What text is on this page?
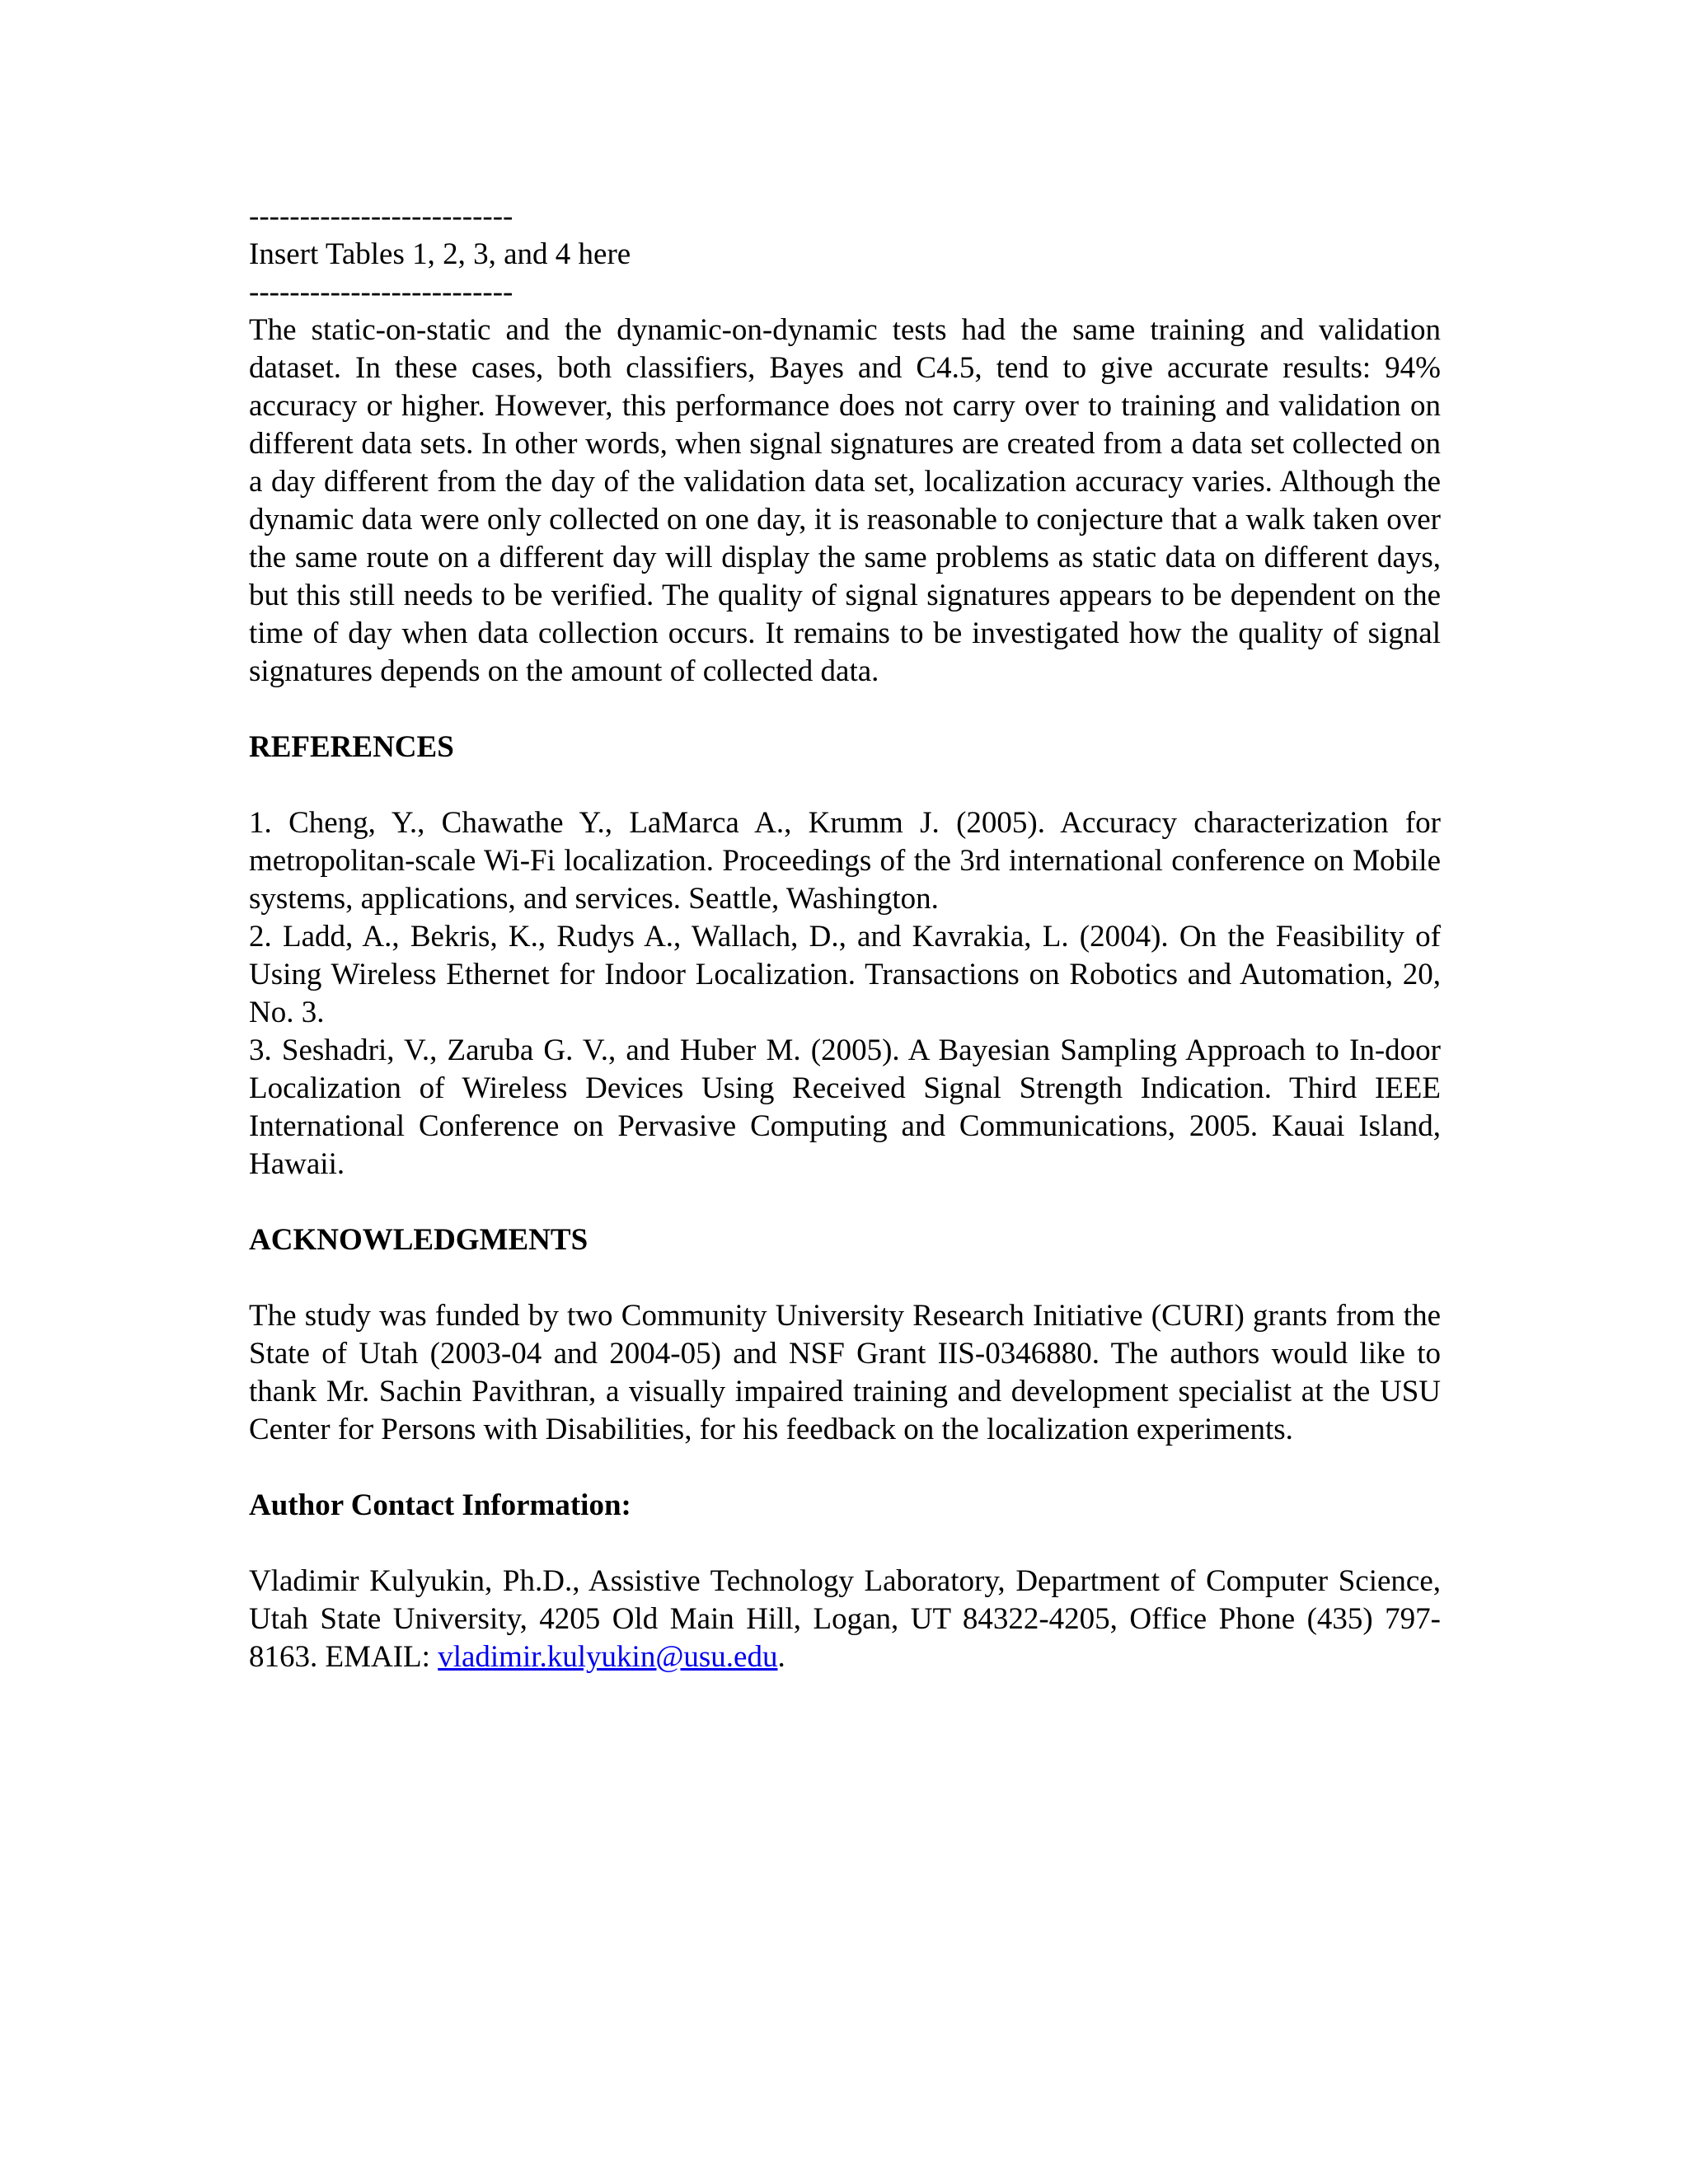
--------------------------
Insert Tables 1, 2, 3, and 4 here
--------------------------

The static-on-static and the dynamic-on-dynamic tests had the same training and validation dataset. In these cases, both classifiers, Bayes and C4.5, tend to give accurate results: 94% accuracy or higher. However, this performance does not carry over to training and validation on different data sets. In other words, when signal signatures are created from a data set collected on a day different from the day of the validation data set, localization accuracy varies. Although the dynamic data were only collected on one day, it is reasonable to conjecture that a walk taken over the same route on a different day will display the same problems as static data on different days, but this still needs to be verified. The quality of signal signatures appears to be dependent on the time of day when data collection occurs. It remains to be investigated how the quality of signal signatures depends on the amount of collected data.

REFERENCES

1. Cheng, Y., Chawathe Y., LaMarca A., Krumm J. (2005). Accuracy characterization for metropolitan-scale Wi-Fi localization. Proceedings of the 3rd international conference on Mobile systems, applications, and services. Seattle, Washington.

2. Ladd, A., Bekris, K., Rudys A., Wallach, D., and Kavrakia, L. (2004). On the Feasibility of Using Wireless Ethernet for Indoor Localization. Transactions on Robotics and Automation, 20, No. 3.

3. Seshadri, V., Zaruba G. V., and Huber M. (2005). A Bayesian Sampling Approach to In-door Localization of Wireless Devices Using Received Signal Strength Indication. Third IEEE International Conference on Pervasive Computing and Communications, 2005. Kauai Island, Hawaii.

ACKNOWLEDGMENTS

The study was funded by two Community University Research Initiative (CURI) grants from the State of Utah (2003-04 and 2004-05) and NSF Grant IIS-0346880. The authors would like to thank Mr. Sachin Pavithran, a visually impaired training and development specialist at the USU Center for Persons with Disabilities, for his feedback on the localization experiments.

Author Contact Information:

Vladimir Kulyukin, Ph.D., Assistive Technology Laboratory, Department of Computer Science, Utah State University, 4205 Old Main Hill, Logan, UT 84322-4205, Office Phone (435) 797-8163. EMAIL: vladimir.kulyukin@usu.edu.
